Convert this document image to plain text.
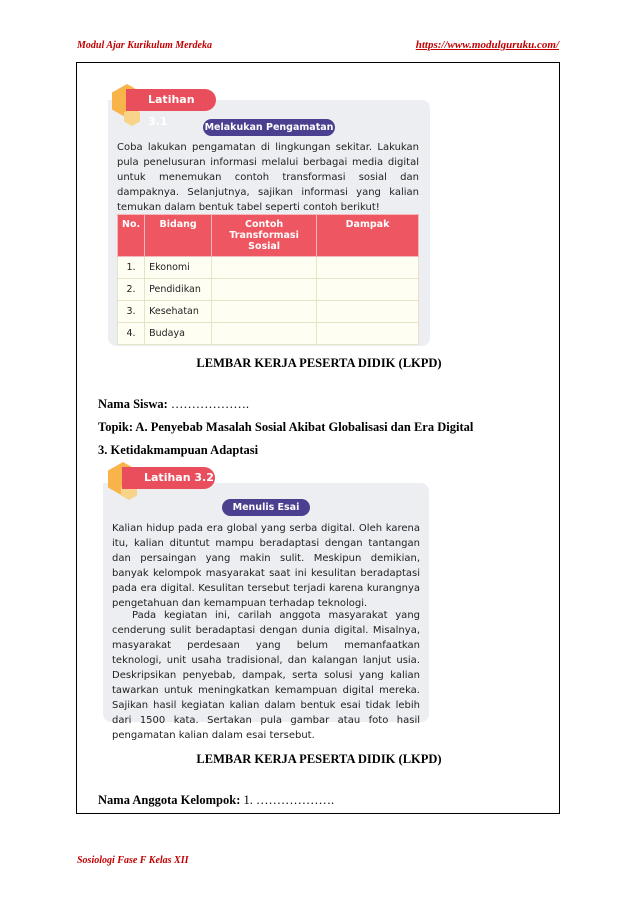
Modul Ajar Kurikulum Merdeka	https://www.modulguruku.com/
Latihan 3.1	Melakukan Pengamatan
Coba lakukan pengamatan di lingkungan sekitar. Lakukan pula penelusuran informasi melalui berbagai media digital untuk menemukan contoh transformasi sosial dan dampaknya. Selanjutnya, sajikan informasi yang kalian temukan dalam bentuk tabel seperti contoh berikut!
No.	Bidang	Contoh Transformasi Sosial	Dampak
1.	Ekonomi		
2.	Pendidikan		
3.	Kesehatan		
4.	Budaya		
LEMBAR KERJA PESERTA DIDIK (LKPD)
Nama Siswa: ……………….
Topik: A. Penyebab Masalah Sosial Akibat Globalisasi dan Era Digital
3. Ketidakmampuan Adaptasi
Latihan 3.2
Menulis Esai
Kalian hidup pada era global yang serba digital. Oleh karena itu, kalian dituntut mampu beradaptasi dengan tantangan dan persaingan yang makin sulit. Meskipun demikian, banyak kelompok masyarakat saat ini kesulitan beradaptasi pada era digital. Kesulitan tersebut terjadi karena kurangnya pengetahuan dan kemampuan terhadap teknologi.
Pada kegiatan ini, carilah anggota masyarakat yang cenderung sulit beradaptasi dengan dunia digital. Misalnya, masyarakat perdesaan yang belum memanfaatkan teknologi, unit usaha tradisional, dan kalangan lanjut usia. Deskripsikan penyebab, dampak, serta solusi yang kalian tawarkan untuk meningkatkan kemampuan digital mereka. Sajikan hasil kegiatan kalian dalam bentuk esai tidak lebih dari 1500 kata. Sertakan pula gambar atau foto hasil pengamatan kalian dalam esai tersebut.
LEMBAR KERJA PESERTA DIDIK (LKPD)
Nama Anggota Kelompok: 1. ……………….
Sosiologi Fase F Kelas XII
